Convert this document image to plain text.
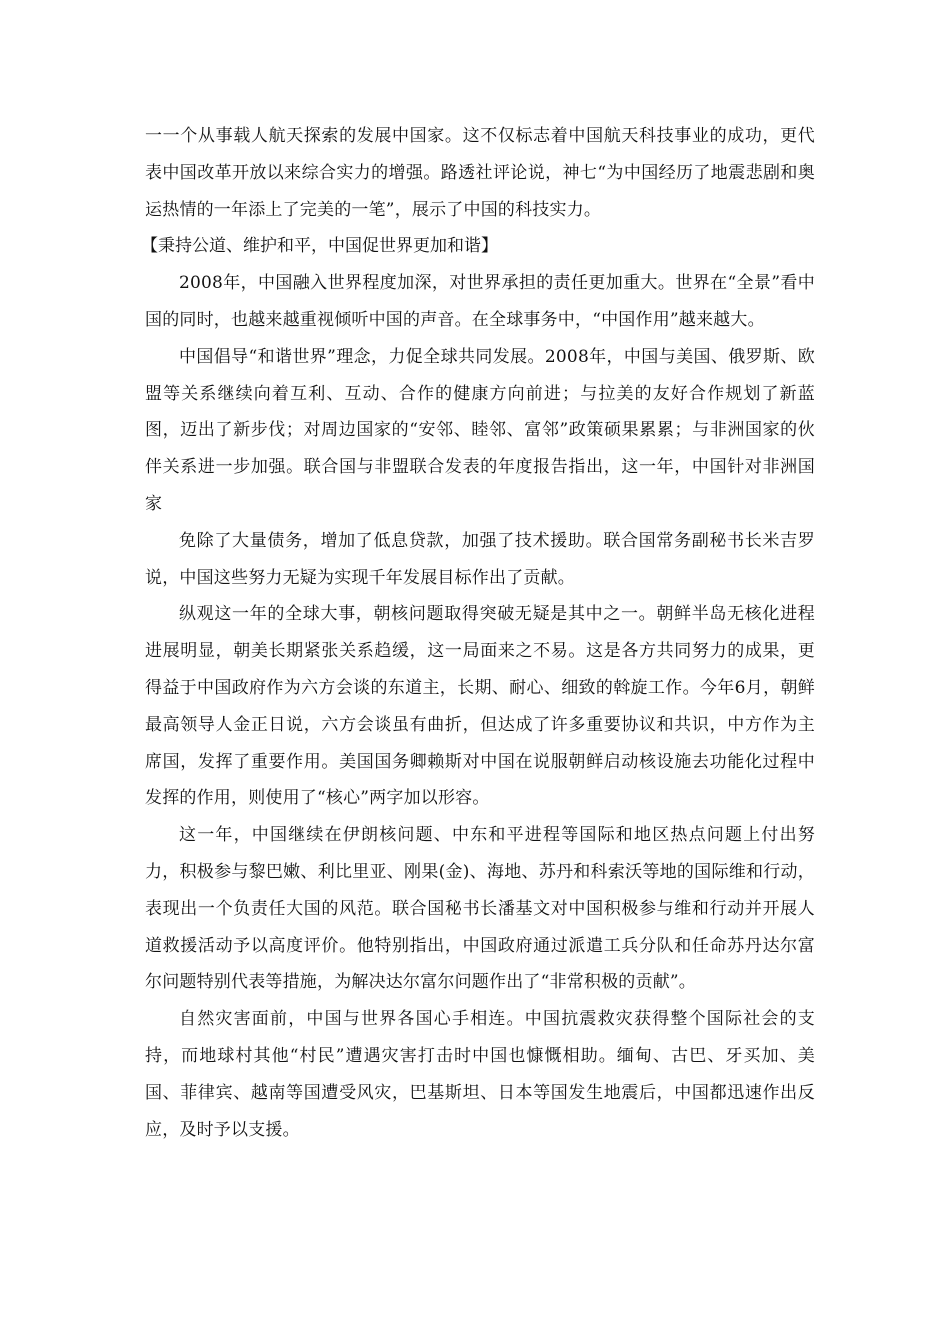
一一个从事载人航天探索的发展中国家。这不仅标志着中国航天科技事业的成功，更代表中国改革开放以来综合实力的增强。路透社评论说，神七“为中国经历了地震悲剧和奥运热情的一年添上了完美的一笔”，展示了中国的科技实力。

【秉持公道、维护和平，中国促世界更加和谐】

2008年，中国融入世界程度加深，对世界承担的责任更加重大。世界在“全景”看中国的同时，也越来越重视倾听中国的声音。在全球事务中，“中国作用”越来越大。

中国倡导“和谐世界”理念，力促全球共同发展。2008年，中国与美国、俄罗斯、欧盟等关系继续向着互利、互动、合作的健康方向前进；与拉美的友好合作规划了新蓝图，迈出了新步伐；对周边国家的“安邻、睦邻、富邻”政策硕果累累；与非洲国家的伙伴关系进一步加强。联合国与非盟联合发表的年度报告指出，这一年，中国针对非洲国家

免除了大量债务，增加了低息贷款，加强了技术援助。联合国常务副秘书长米吉罗说，中国这些努力无疑为实现千年发展目标作出了贡献。

纵观这一年的全球大事，朝核问题取得突破无疑是其中之一。朝鲜半岛无核化进程进展明显，朝美长期紧张关系趋缓，这一局面来之不易。这是各方共同努力的成果，更得益于中国政府作为六方会谈的东道主，长期、耐心、细致的斡旋工作。今年6月，朝鲜最高领导人金正日说，六方会谈虽有曲折，但达成了许多重要协议和共识，中方作为主席国，发挥了重要作用。美国国务卿赖斯对中国在说服朝鲜启动核设施去功能化过程中发挥的作用，则使用了“核心”两字加以形容。

这一年，中国继续在伊朗核问题、中东和平进程等国际和地区热点问题上付出努力，积极参与黎巴嫩、利比里亚、刚果(金)、海地、苏丹和科索沃等地的国际维和行动，表现出一个负责任大国的风范。联合国秘书长潘基文对中国积极参与维和行动并开展人道救援活动予以高度评价。他特别指出，中国政府通过派遣工兵分队和任命苏丹达尔富尔问题特别代表等措施，为解决达尔富尔问题作出了“非常积极的贡献”。

自然灾害面前，中国与世界各国心手相连。中国抗震救灾获得整个国际社会的支持，而地球村其他“村民”遭遇灾害打击时中国也慷慨相助。缅甸、古巴、牙买加、美国、菲律宾、越南等国遭受风灾，巴基斯坦、日本等国发生地震后，中国都迅速作出反应，及时予以支援。
